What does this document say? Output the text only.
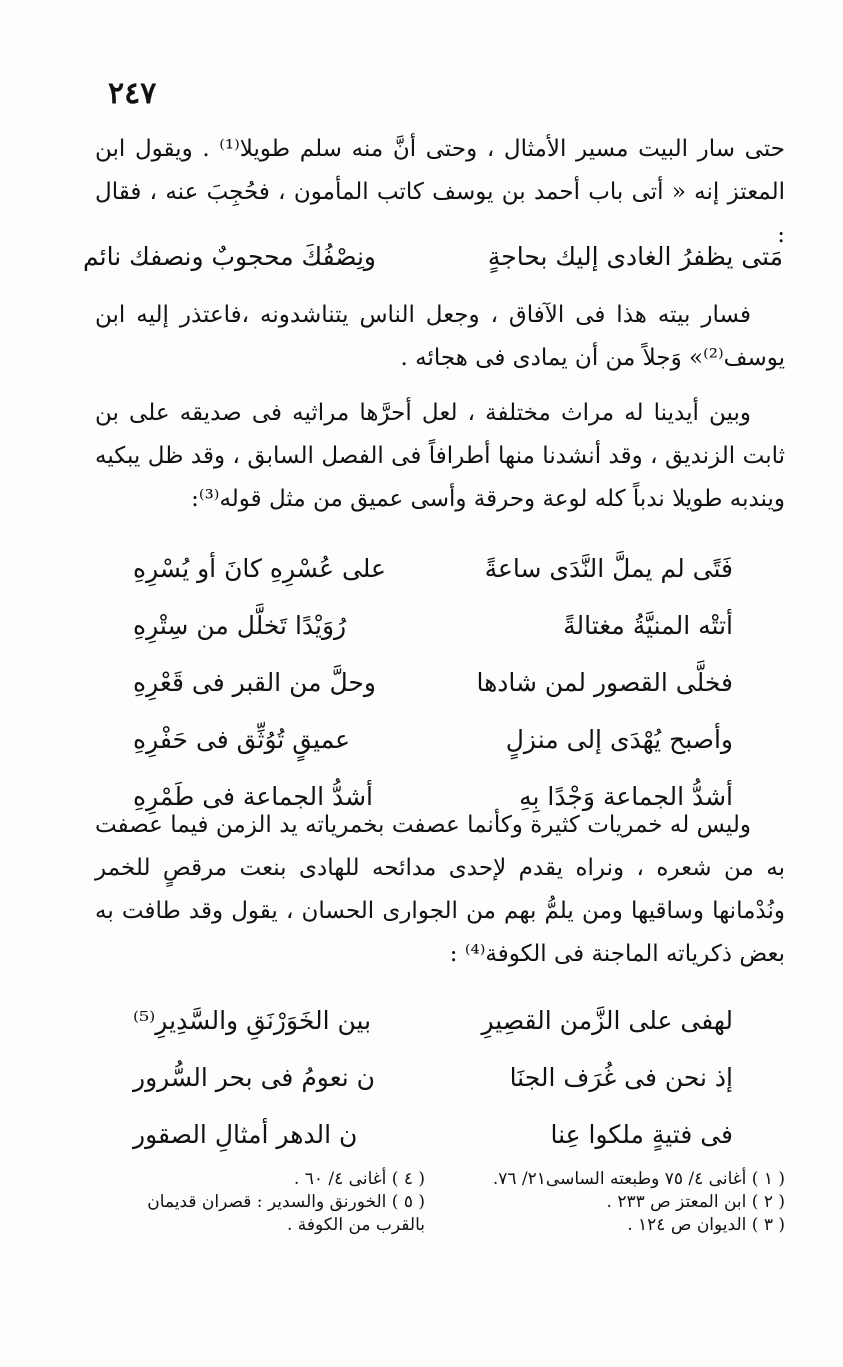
٢٤٧

حتى سار البيت مسير الأمثال ، وحتى أنَّ منه سلم طويلا⁽¹⁾ . ويقول ابن المعتز إنه « أتى باب أحمد بن يوسف كاتب المأمون ، فحُجِبَ عنه ، فقال :

مَتى يظفرُ الغادى إليك بحاجةٍ
ونِصْفُكَ محجوبٌ ونصفك نائم

فسار بيته هذا فى الآفاق ، وجعل الناس يتناشدونه ،فاعتذر إليه ابن يوسف⁽²⁾» وَجلاً من أن يمادى فى هجائه .

وبين أيدينا له مراث مختلفة ، لعل أحرَّها مراثيه فى صديقه على بن ثابت الزنديق ، وقد أنشدنا منها أطرافاً فى الفصل السابق ، وقد ظل يبكيه ويندبه طويلا ندباً كله لوعة وحرقة وأسى عميق من مثل قوله⁽³⁾:

فَتًى لم يملَّ النَّدَى ساعةً
على عُسْرِهِ كانَ أو يُسْرِهِ
أتتْه المنيَّةُ مغتالةً
رُوَيْدًا تَخلَّل من سِتْرِهِ
فخلَّى القصور لمن شادها
وحلَّ من القبر فى قَعْرِهِ
وأصبح يُهْدَى إلى منزلٍ
عميقٍ تُوُثِّق فى حَفْرِهِ
أشدُّ الجماعة وَجْدًا بِهِ
أشدُّ الجماعة فى طَمْرِهِ

وليس له خمريات كثيرة وكأنما عصفت بخمرياته يد الزمن فيما عصفت به من شعره ، ونراه يقدم لإحدى مدائحه للهادى بنعت مرقصٍ للخمر ونُدْمانها وساقيها ومن يلمُّ بهم من الجوارى الحسان ، يقول وقد طافت به بعض ذكرياته الماجنة فى الكوفة⁽⁴⁾ :

لهفى على الزَّمن القصِيرِ
بين الخَوَرْنَقِ والسَّدِيرِ⁽⁵⁾
إذ نحن فى غُرَف الجنَا
ن نعومُ فى بحر السُّرور
فى فتيةٍ ملكوا عِنا
ن الدهر أمثالِ الصقور
( ١ ) أغانى ٤/ ٧٥ وطبعته الساسى٢١/ ٧٦.
( ٢ ) ابن المعتز ص ٢٣٣ .
( ٣ ) الديوان ص ١٢٤ .
( ٤ ) أغانى ٤/ ٦٠ .
( ٥ ) الخورنق والسدير : قصران قديمان
بالقرب من الكوفة .
